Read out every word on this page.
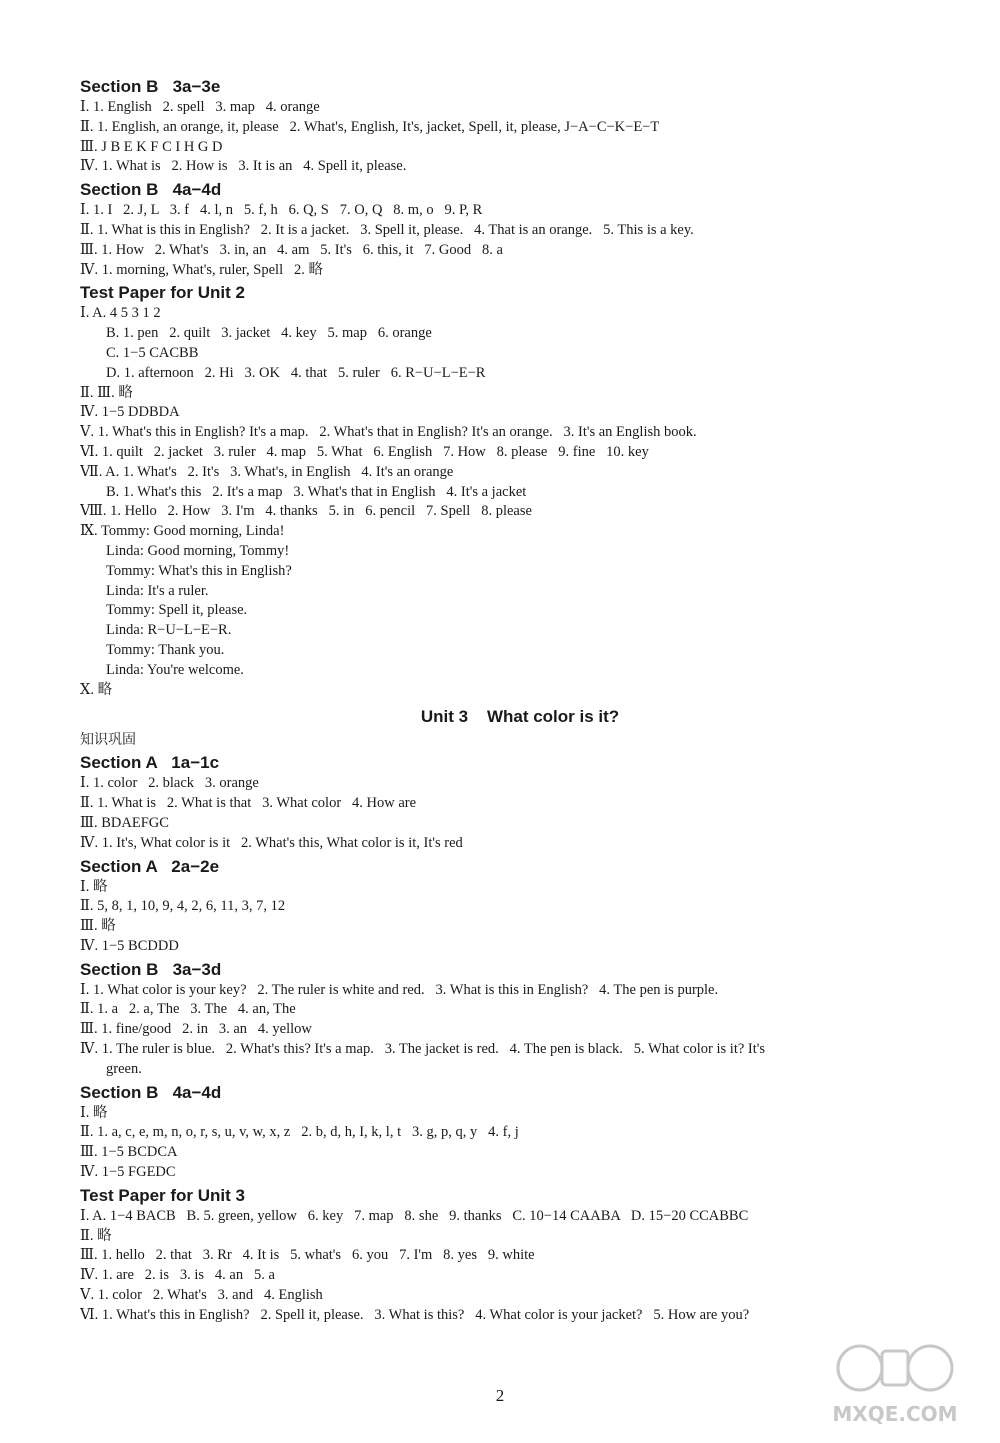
Section B   3a−3e
Ⅰ. 1. English   2. spell   3. map   4. orange
Ⅱ. 1. English, an orange, it, please   2. What's, English, It's, jacket, Spell, it, please, J−A−C−K−E−T
Ⅲ. J B E K F C I H G D
Ⅳ. 1. What is   2. How is   3. It is an   4. Spell it, please.
Section B   4a−4d
Ⅰ. 1. I   2. J, L   3. f   4. l, n   5. f, h   6. Q, S   7. O, Q   8. m, o   9. P, R
Ⅱ. 1. What is this in English?   2. It is a jacket.   3. Spell it, please.   4. That is an orange.   5. This is a key.
Ⅲ. 1. How   2. What's   3. in, an   4. am   5. It's   6. this, it   7. Good   8. a
Ⅳ. 1. morning, What's, ruler, Spell   2. 略
Test Paper for Unit 2
Ⅰ. A. 4 5 3 1 2
B. 1. pen   2. quilt   3. jacket   4. key   5. map   6. orange
C. 1−5 CACBB
D. 1. afternoon   2. Hi   3. OK   4. that   5. ruler   6. R−U−L−E−R
Ⅱ. Ⅲ. 略
Ⅳ. 1−5 DDBDA
Ⅴ. 1. What's this in English? It's a map.   2. What's that in English? It's an orange.   3. It's an English book.
Ⅵ. 1. quilt   2. jacket   3. ruler   4. map   5. What   6. English   7. How   8. please   9. fine   10. key
Ⅶ. A. 1. What's   2. It's   3. What's, in English   4. It's an orange
B. 1. What's this   2. It's a map   3. What's that in English   4. It's a jacket
Ⅷ. 1. Hello   2. How   3. I'm   4. thanks   5. in   6. pencil   7. Spell   8. please
Ⅸ. Tommy: Good morning, Linda!
Linda: Good morning, Tommy!
Tommy: What's this in English?
Linda: It's a ruler.
Tommy: Spell it, please.
Linda: R−U−L−E−R.
Tommy: Thank you.
Linda: You're welcome.
Ⅹ. 略
Unit 3    What color is it?
知识巩固
Section A   1a−1c
Ⅰ. 1. color   2. black   3. orange
Ⅱ. 1. What is   2. What is that   3. What color   4. How are
Ⅲ. BDAEFGC
Ⅳ. 1. It's, What color is it   2. What's this, What color is it, It's red
Section A   2a−2e
Ⅰ. 略
Ⅱ. 5, 8, 1, 10, 9, 4, 2, 6, 11, 3, 7, 12
Ⅲ. 略
Ⅳ. 1−5 BCDDD
Section B   3a−3d
Ⅰ. 1. What color is your key?   2. The ruler is white and red.   3. What is this in English?   4. The pen is purple.
Ⅱ. 1. a   2. a, The   3. The   4. an, The
Ⅲ. 1. fine/good   2. in   3. an   4. yellow
Ⅳ. 1. The ruler is blue.   2. What's this? It's a map.   3. The jacket is red.   4. The pen is black.   5. What color is it? It's
green.
Section B   4a−4d
Ⅰ. 略
Ⅱ. 1. a, c, e, m, n, o, r, s, u, v, w, x, z   2. b, d, h, I, k, l, t   3. g, p, q, y   4. f, j
Ⅲ. 1−5 BCDCA
Ⅳ. 1−5 FGEDC
Test Paper for Unit 3
Ⅰ. A. 1−4 BACB   B. 5. green, yellow   6. key   7. map   8. she   9. thanks   C. 10−14 CAABA   D. 15−20 CCABBC
Ⅱ. 略
Ⅲ. 1. hello   2. that   3. Rr   4. It is   5. what's   6. you   7. I'm   8. yes   9. white
Ⅳ. 1. are   2. is   3. is   4. an   5. a
Ⅴ. 1. color   2. What's   3. and   4. English
Ⅵ. 1. What's this in English?   2. Spell it, please.   3. What is this?   4. What color is your jacket?   5. How are you?
2
MXQE.COM
